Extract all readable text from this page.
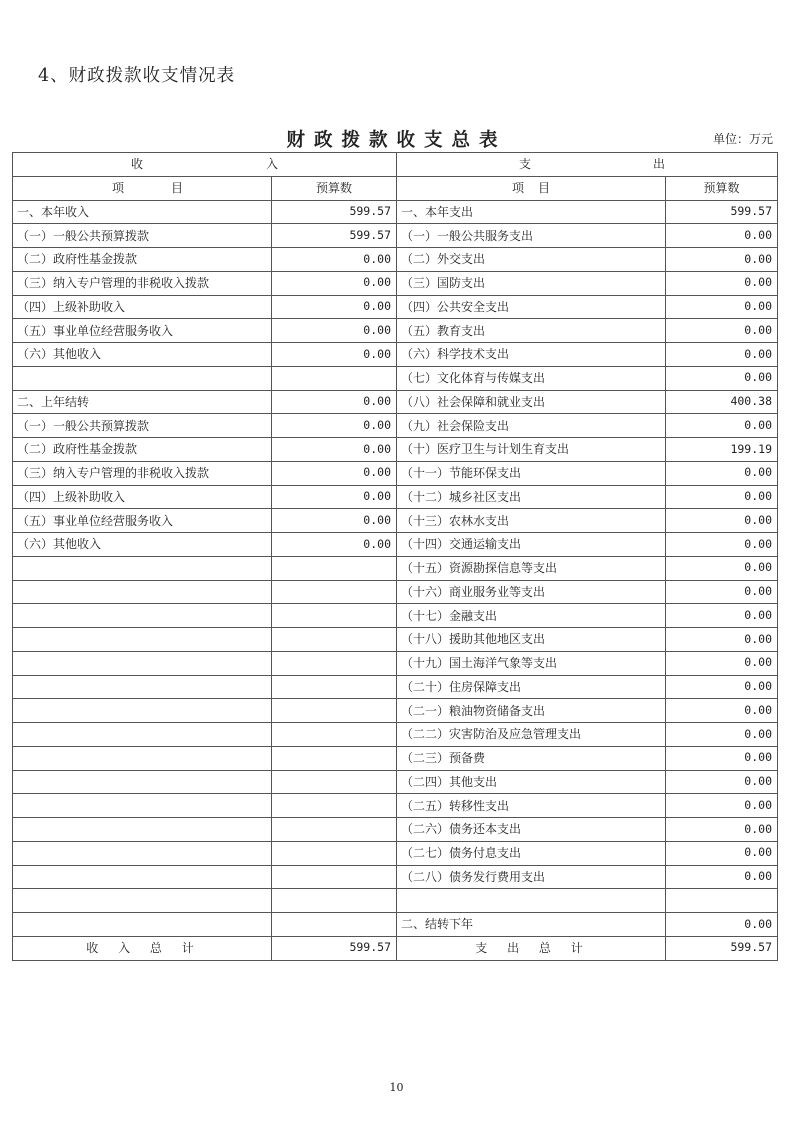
4、财政拨款收支情况表
财政拨款收支总表	单位：万元
收 入		支 出	

项 目	预算数	项 目	预算数
一、本年收入	599.57	一、本年支出	599.57
（一）一般公共预算拨款	599.57	（一）一般公共服务支出	0.00
（二）政府性基金拨款	0.00	（二）外交支出	0.00
（三）纳入专户管理的非税收入拨款	0.00	（三）国防支出	0.00
（四）上级补助收入	0.00	（四）公共安全支出	0.00
（五）事业单位经营服务收入	0.00	（五）教育支出	0.00
（六）其他收入	0.00	（六）科学技术支出	0.00
		（七）文化体育与传媒支出	0.00
二、上年结转	0.00	（八）社会保障和就业支出	400.38
（一）一般公共预算拨款	0.00	（九）社会保险支出	0.00
（二）政府性基金拨款	0.00	（十）医疗卫生与计划生育支出	199.19
（三）纳入专户管理的非税收入拨款	0.00	（十一）节能环保支出	0.00
（四）上级补助收入	0.00	（十二）城乡社区支出	0.00
（五）事业单位经营服务收入	0.00	（十三）农林水支出	0.00
（六）其他收入	0.00	（十四）交通运输支出	0.00
		（十五）资源勘探信息等支出	0.00
		（十六）商业服务业等支出	0.00
		（十七）金融支出	0.00
		（十八）援助其他地区支出	0.00
		（十九）国土海洋气象等支出	0.00
		（二十）住房保障支出	0.00
		（二一）粮油物资储备支出	0.00
		（二二）灾害防治及应急管理支出	0.00
		（二三）预备费	0.00
		（二四）其他支出	0.00
		（二五）转移性支出	0.00
		（二六）债务还本支出	0.00
		（二七）债务付息支出	0.00
		（二八）债务发行费用支出	0.00

		二、结转下年	0.00
收 入 总 计	599.57	支 出 总 计	599.57
10
